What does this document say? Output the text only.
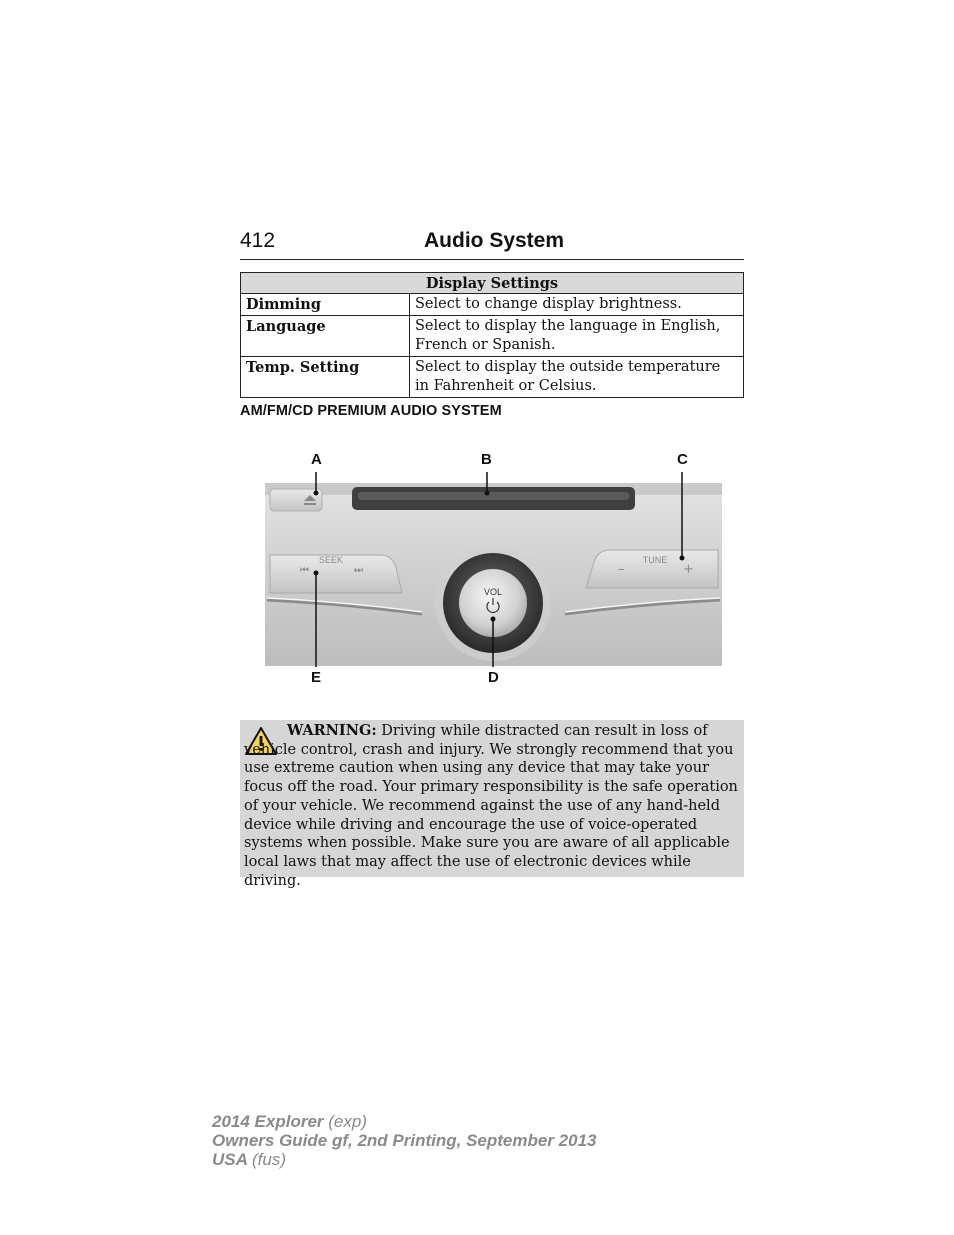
412	Audio System
Display Settings	
Dimming	Select to change display brightness.
Language	Select to display the language in English, French or Spanish.
Temp. Setting	Select to display the outside temperature in Fahrenheit or Celsius.
AM/FM/CD PREMIUM AUDIO SYSTEM
A	B	C
D
E
SEEK
⏮	⏭
TUNE
–	+
VOL
WARNING: Driving while distracted can result in loss of vehicle control, crash and injury. We strongly recommend that you use extreme caution when using any device that may take your focus off the road. Your primary responsibility is the safe operation of your vehicle. We recommend against the use of any hand-held device while driving and encourage the use of voice-operated systems when possible. Make sure you are aware of all applicable local laws that may affect the use of electronic devices while driving.
2014 Explorer (exp)
Owners Guide gf, 2nd Printing, September 2013
USA (fus)
